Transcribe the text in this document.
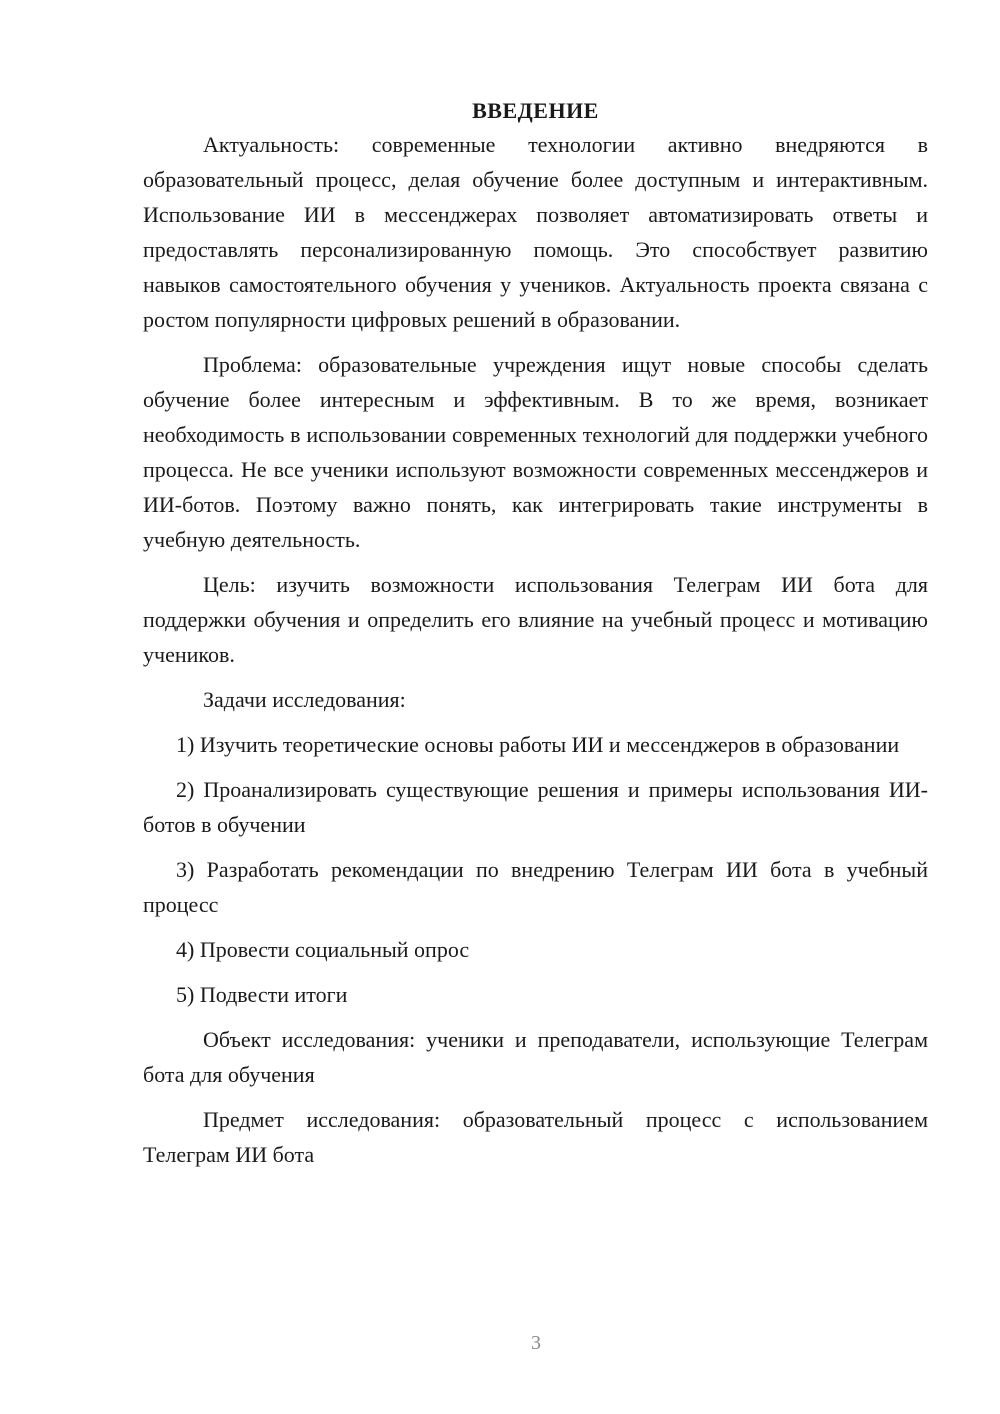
ВВЕДЕНИЕ

Актуальность: современные технологии активно внедряются в образовательный процесс, делая обучение более доступным и интерактивным. Использование ИИ в мессенджерах позволяет автоматизировать ответы и предоставлять персонализированную помощь. Это способствует развитию навыков самостоятельного обучения у учеников. Актуальность проекта связана с ростом популярности цифровых решений в образовании.

Проблема: образовательные учреждения ищут новые способы сделать обучение более интересным и эффективным. В то же время, возникает необходимость в использовании современных технологий для поддержки учебного процесса. Не все ученики используют возможности современных мессенджеров и ИИ-ботов. Поэтому важно понять, как интегрировать такие инструменты в учебную деятельность.

Цель: изучить возможности использования Телеграм ИИ бота для поддержки обучения и определить его влияние на учебный процесс и мотивацию учеников.

Задачи исследования:

1) Изучить теоретические основы работы ИИ и мессенджеров в образовании

2) Проанализировать существующие решения и примеры использования ИИ-ботов в обучении

3) Разработать рекомендации по внедрению Телеграм ИИ бота в учебный процесс

4) Провести социальный опрос

5) Подвести итоги

Объект исследования: ученики и преподаватели, использующие Телеграм бота для обучения

Предмет исследования: образовательный процесс с использованием Телеграм ИИ бота

3
